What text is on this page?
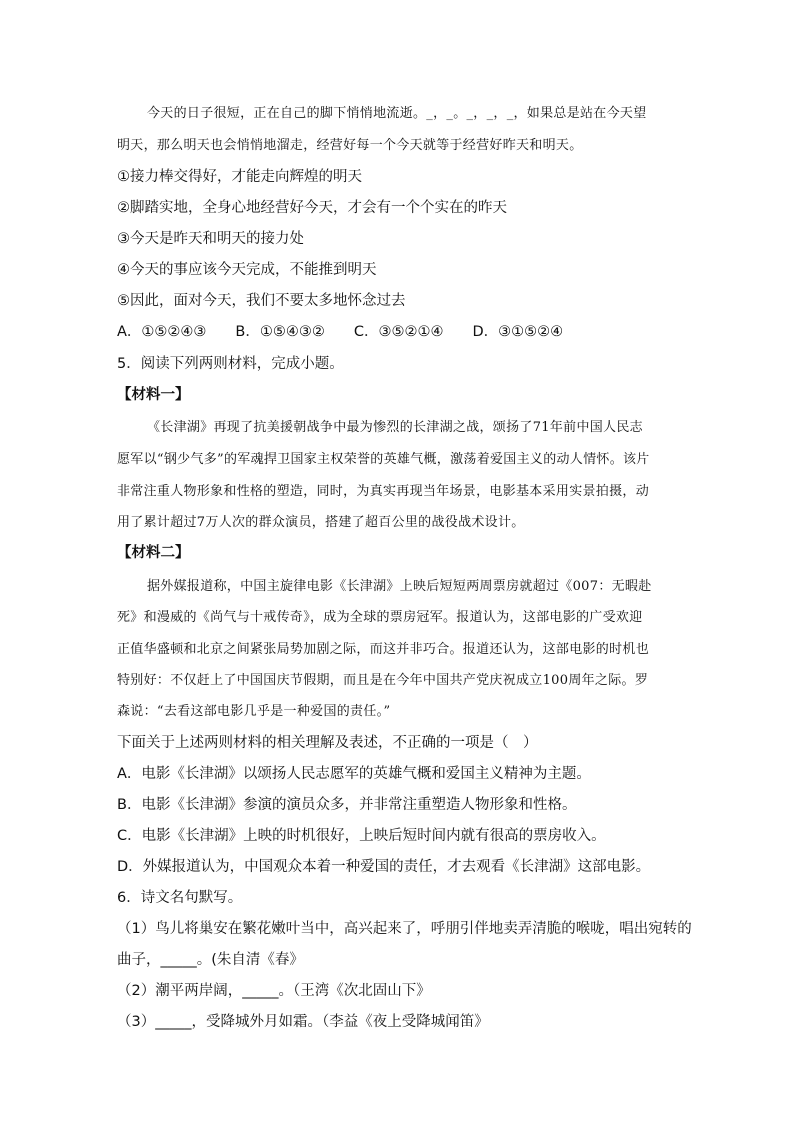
今天的日子很短，正在自己的脚下悄悄地流逝。_，_。_，_，_，如果总是站在今天望
明天，那么明天也会悄悄地溜走，经营好每一个今天就等于经营好昨天和明天。
①接力棒交得好，才能走向辉煌的明天
②脚踏实地，全身心地经营好今天，才会有一个个实在的昨天
③今天是昨天和明天的接力处
④今天的事应该今天完成，不能推到明天
⑤因此，面对今天，我们不要太多地怀念过去
A．①⑤②④③　　B．①⑤④③②　　C．③⑤②①④　　D．③①⑤②④
5．阅读下列两则材料，完成小题。
【材料一】
《长津湖》再现了抗美援朝战争中最为惨烈的长津湖之战，颂扬了71年前中国人民志
愿军以“钢少气多”的军魂捍卫国家主权荣誉的英雄气概，激荡着爱国主义的动人情怀。该片
非常注重人物形象和性格的塑造，同时，为真实再现当年场景，电影基本采用实景拍摄，动
用了累计超过7万人次的群众演员，搭建了超百公里的战役战术设计。
【材料二】
据外媒报道称，中国主旋律电影《长津湖》上映后短短两周票房就超过《007：无暇赴
死》和漫威的《尚气与十戒传奇》，成为全球的票房冠军。报道认为，这部电影的广受欢迎
正值华盛顿和北京之间紧张局势加剧之际，而这并非巧合。报道还认为，这部电影的时机也
特别好：不仅赶上了中国国庆节假期，而且是在今年中国共产党庆祝成立100周年之际。罗
森说：“去看这部电影几乎是一种爱国的责任。”
下面关于上述两则材料的相关理解及表述，不正确的一项是（　）
A．电影《长津湖》以颂扬人民志愿军的英雄气概和爱国主义精神为主题。
B．电影《长津湖》参演的演员众多，并非常注重塑造人物形象和性格。
C．电影《长津湖》上映的时机很好，上映后短时间内就有很高的票房收入。
D．外媒报道认为，中国观众本着一种爱国的责任，才去观看《长津湖》这部电影。
6．诗文名句默写。
（1）鸟儿将巢安在繁花嫩叶当中，高兴起来了，呼朋引伴地卖弄清脆的喉咙，唱出宛转的
曲子，_____。(朱自清《春》
（2）潮平两岸阔，_____。（王湾《次北固山下》
（3）_____，受降城外月如霜。（李益《夜上受降城闻笛》
